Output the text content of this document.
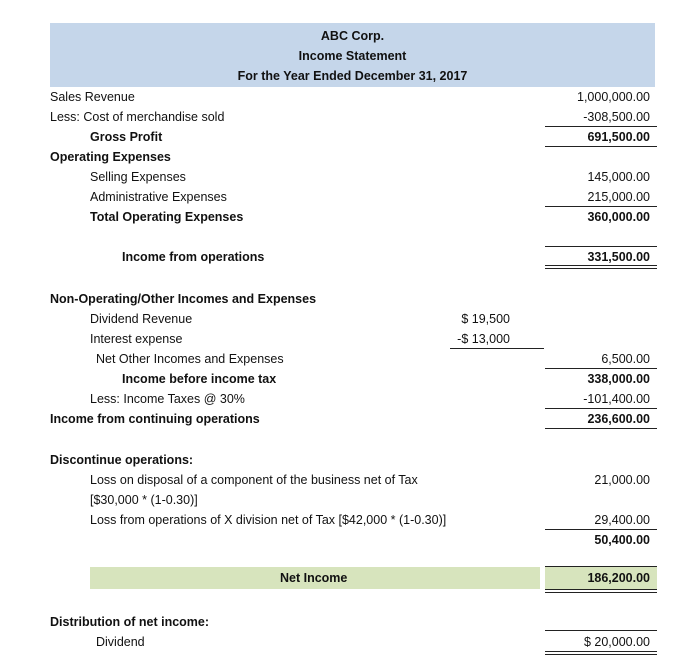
ABC Corp.
Income Statement
For the Year Ended December 31, 2017
Sales Revenue	1,000,000.00
Less: Cost of merchandise sold	-308,500.00
Gross Profit	691,500.00
Operating Expenses
Selling Expenses	145,000.00
Administrative Expenses	215,000.00
Total Operating Expenses	360,000.00
Income from operations	331,500.00
Non-Operating/Other Incomes and Expenses
Dividend Revenue	$ 19,500
Interest expense	-$ 13,000
Net Other Incomes and Expenses	6,500.00
Income before income tax	338,000.00
Less: Income Taxes @ 30%	-101,400.00
Income from continuing operations	236,600.00
Discontinue operations:
Loss on disposal of a component of the business net of Tax	21,000.00
[$30,000 * (1-0.30)]
Loss from operations of X division net of Tax [$42,000 * (1-0.30)]	29,400.00
50,400.00
Net Income	186,200.00
Distribution of net income:
Dividend	$ 20,000.00
